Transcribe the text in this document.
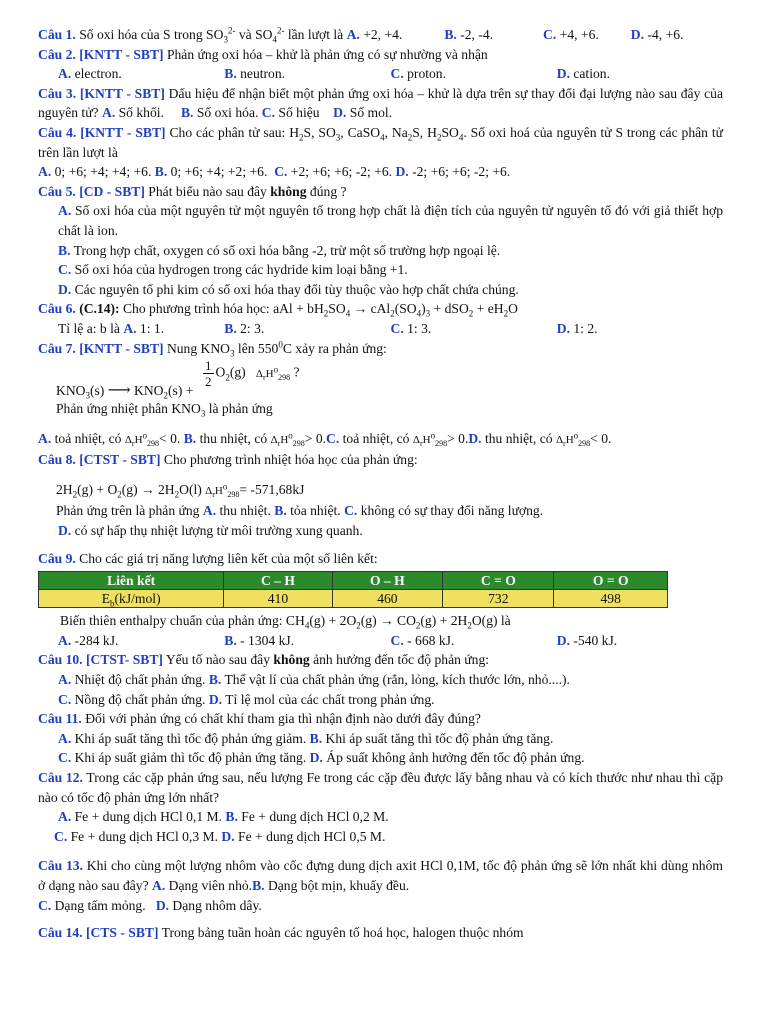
Câu 1. Số oxi hóa của S trong $SO_3^{2-}$ và $SO_4^{2-}$ lần lượt là A. +2, +4.	B. -2, -4.	C. +4, +6. D. -4, +6.
Câu 2. [KNTT - SBT] Phản ứng oxi hóa – khử là phản ứng có sự nhường và nhận
A. electron.	B. neutron.	C. proton.	D. cation.
Câu 3. [KNTT - SBT] Dấu hiệu để nhận biết một phản ứng oxi hóa – khử là dựa trên sự thay đổi đại lượng nào sau đây của nguyên tử? A. Số khối. B. Số oxi hóa. C. Số hiệu D. Số mol.
Câu 4. [KNTT - SBT] Cho các phân tử sau: $H_2S$, $SO_3$, CaSO$_4$, $Na_2S$, $H_2SO_4$. Số oxi hoá của nguyên tử S trong các phân tử trên lần lượt là
A. 0; +6; +4; +4; +6. B. 0; +6; +4; +2; +6.  C. +2; +6; +6; -2; +6. D. -2; +6; +6; -2; +6.
Câu 5. [CD - SBT] Phát biểu nào sau đây không đúng ?
A. Số oxi hóa của một nguyên tử một nguyên tố trong hợp chất là điện tích của nguyên tử nguyên tố đó với giả thiết hợp chất là ion.
B. Trong hợp chất, oxygen có số oxi hóa bằng -2, trừ một số trường hợp ngoại lệ.
C. Số oxi hóa của hydrogen trong các hydride kim loại bằng +1.
D. Các nguyên tố phi kim có số oxi hóa thay đổi tùy thuộc vào hợp chất chứa chúng.
Câu 6. (C.14): Cho phương trình hóa học: aAl + $bH_2SO_4 \to cAl_2(SO_4)_3 + dSO_2 + eH_2O$
Tỉ lệ a: b là A. 1: 1.	B. 2: 3.	C. 1: 3.	D. 1: 2.
Câu 7. [KNTT - SBT] Nung $KNO_3$ lên $550^0C$ xảy ra phản ứng:
$\frac{1}{2} O_2(g)$ $\Delta_rH^o_{298}$ ?
$KNO_3(s)$ ⟶ $KNO_2(s)$ +
Phản ứng nhiệt phân $KNO_3$ là phản ứng
A. toả nhiệt, có $\Delta_rH^o_{298}< 0$. B. thu nhiệt, có $\Delta_rH^o_{298}> 0.C$. toả nhiệt, có $\Delta_rH^o_{298}> 0.D$. thu nhiệt, có $\Delta_rH^o_{298}< 0$.
Câu 8. [CTST - SBT] Cho phương trình nhiệt hóa học của phản ứng:
$2H_2(g) + O_2(g) \to 2H_2O(l)$ $\Delta_rH^o_{298}= -571,68kJ$
Phản ứng trên là phản ứng A. thu nhiệt. B. tỏa nhiệt. C. không có sự thay đổi năng lượng.
D. có sự hấp thụ nhiệt lượng từ môi trường xung quanh.
Câu 9. Cho các giá trị năng lượng liên kết của một số liên kết:
Liên kết	C – H	O – H	C = O	O = O
$E_b(kJ/mol)$	410	460	732	498
Biến thiên enthalpy chuẩn của phản ứng: $CH_4(g) + 2O_2(g) \to CO_2(g) + 2H_2O(g)$ là
A. -284 kJ.	B. - 1304 kJ.	C. - 668 kJ.	D. -540 kJ.
Câu 10. [CTST- SBT] Yếu tố nào sau đây không ảnh hưởng đến tốc độ phản ứng:
A. Nhiệt độ chất phản ứng. B. Thể vật lí của chất phản ứng (rắn, lỏng, kích thước lớn, nhỏ....).
C. Nồng độ chất phản ứng. D. Tỉ lệ mol của các chất trong phản ứng.
Câu 11. Đối với phản ứng có chất khí tham gia thì nhận định nào dưới đây đúng?
A. Khi áp suất tăng thì tốc độ phản ứng giảm. B. Khi áp suất tăng thì tốc độ phản ứng tăng.
C. Khi áp suất giảm thì tốc độ phản ứng tăng. D. Áp suất không ảnh hưởng đến tốc độ phản ứng.
Câu 12. Trong các cặp phản ứng sau, nếu lượng Fe trong các cặp đều được lấy bằng nhau và có kích thước như nhau thì cặp nào có tốc độ phản ứng lớn nhất?
A. Fe + dung dịch HCl 0,1 M. B. Fe + dung dịch HCl 0,2 M.
C. Fe + dung dịch HCl 0,3 M. D. Fe + dung dịch HCl 0,5 M.
Câu 13. Khi cho cùng một lượng nhôm vào cốc đựng dung dịch axit HCl 0,1M, tốc độ phản ứng sẽ lớn nhất khi dùng nhôm ở dạng nào sau đây? A. Dạng viên nhỏ.B. Dạng bột mịn, khuấy đều.
C. Dạng tấm mỏng.   D. Dạng nhôm dây.
Câu 14. [CTS - SBT] Trong bảng tuần hoàn các nguyên tố hoá học, halogen thuộc nhóm
